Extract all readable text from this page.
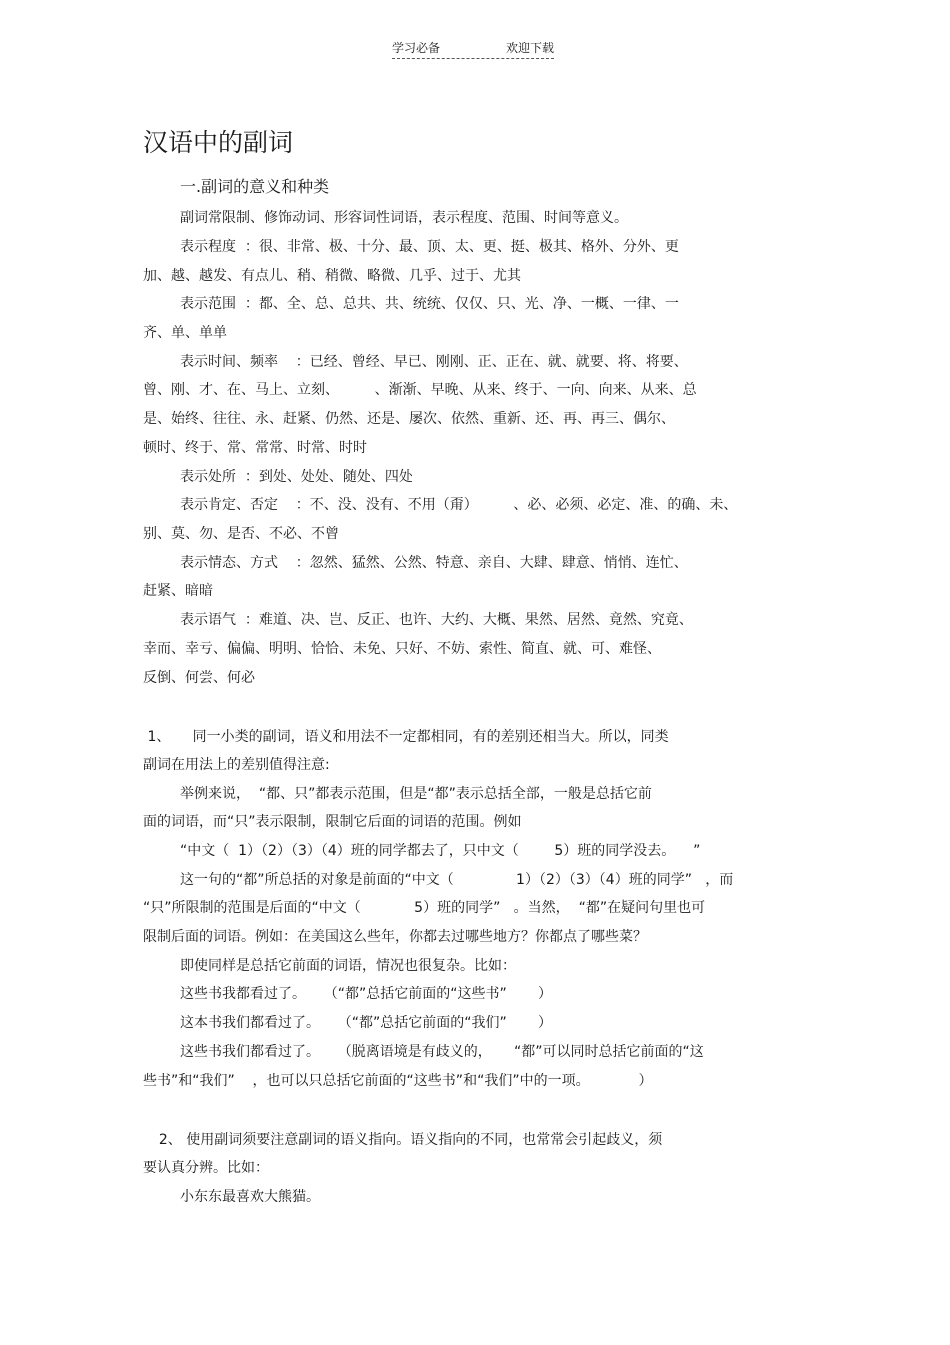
学习必备	欢迎下载
汉语中的副词
一.副词的意义和种类
副词常限制、修饰动词、形容词性词语，表示程度、范围、时间等意义。
表示程度  ：很、非常、极、十分、最、顶、太、更、挺、极其、格外、分外、更
加、越、越发、有点儿、稍、稍微、略微、几乎、过于、尤其
表示范围  ：都、全、总、总共、共、统统、仅仅、只、光、净、一概、一律、一
齐、单、单单
表示时间、频率    ：已经、曾经、早已、刚刚、正、正在、就、就要、将、将要、
曾、刚、才、在、马上、立刻、        、渐渐、早晚、从来、终于、一向、向来、从来、总
是、始终、往往、永、赶紧、仍然、还是、屡次、依然、重新、还、再、再三、偶尔、
顿时、终于、常、常常、时常、时时
表示处所  ：到处、处处、随处、四处
表示肯定、否定    ：不、没、没有、不用（甭）        、必、必须、必定、准、的确、未、
别、莫、勿、是否、不必、不曾
表示情态、方式    ：忽然、猛然、公然、特意、亲自、大肆、肆意、悄悄、连忙、
赶紧、暗暗
表示语气  ：难道、决、岂、反正、也许、大约、大概、果然、居然、竟然、究竟、
幸而、幸亏、偏偏、明明、恰恰、未免、只好、不妨、索性、简直、就、可、难怪、
反倒、何尝、何必
1、     同一小类的副词，语义和用法不一定都相同，有的差别还相当大。所以，同类
副词在用法上的差别值得注意:
举例来说，  “都、只”都表示范围，但是“都”表示总括全部，一般是总括它前
面的词语，而“只”表示限制，限制它后面的词语的范围。例如
“中文（  1）（2）（3）（4）班的同学都去了，只中文（        5）班的同学没去。    ”
这一句的“都”所总括的对象是前面的“中文（              1）（2）（3）（4）班的同学”   ，而
“只”所限制的范围是后面的“中文（            5）班的同学”   。当然，  “都”在疑问句里也可
限制后面的词语。例如：在美国这么些年，你都去过哪些地方？你都点了哪些菜？
即使同样是总括它前面的词语，情况也很复杂。比如：
这些书我都看过了。    （“都”总括它前面的“这些书”       ）
这本书我们都看过了。    （“都”总括它前面的“我们”       ）
这些书我们都看过了。    （脱离语境是有歧义的，     “都”可以同时总括它前面的“这
些书”和“我们”    ，也可以只总括它前面的“这些书”和“我们”中的一项。           ）
2、 使用副词须要注意副词的语义指向。语义指向的不同，也常常会引起歧义，须
要认真分辨。比如：
小东东最喜欢大熊猫。
